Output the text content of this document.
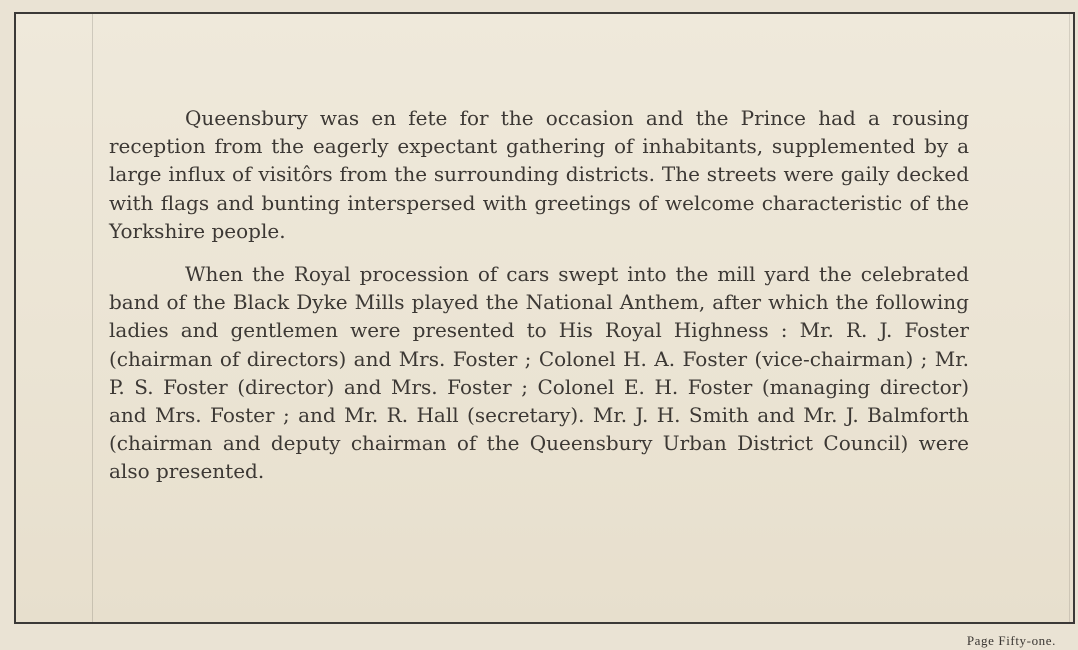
Queensbury was en fete for the occasion and the Prince had a rousing reception from the eagerly expectant gathering of inhabitants, supplemented by a large influx of visitôrs from the surrounding districts. The streets were gaily decked with flags and bunting interspersed with greetings of welcome characteristic of the Yorkshire people.

When the Royal procession of cars swept into the mill yard the celebrated band of the Black Dyke Mills played the National Anthem, after which the following ladies and gentlemen were presented to His Royal Highness : Mr. R. J. Foster (chairman of directors) and Mrs. Foster ; Colonel H. A. Foster (vice-chairman) ; Mr. P. S. Foster (director) and Mrs. Foster ; Colonel E. H. Foster (managing director) and Mrs. Foster ; and Mr. R. Hall (secretary). Mr. J. H. Smith and Mr. J. Balmforth (chairman and deputy chairman of the Queensbury Urban District Council) were also presented.

Page Fifty-one.
